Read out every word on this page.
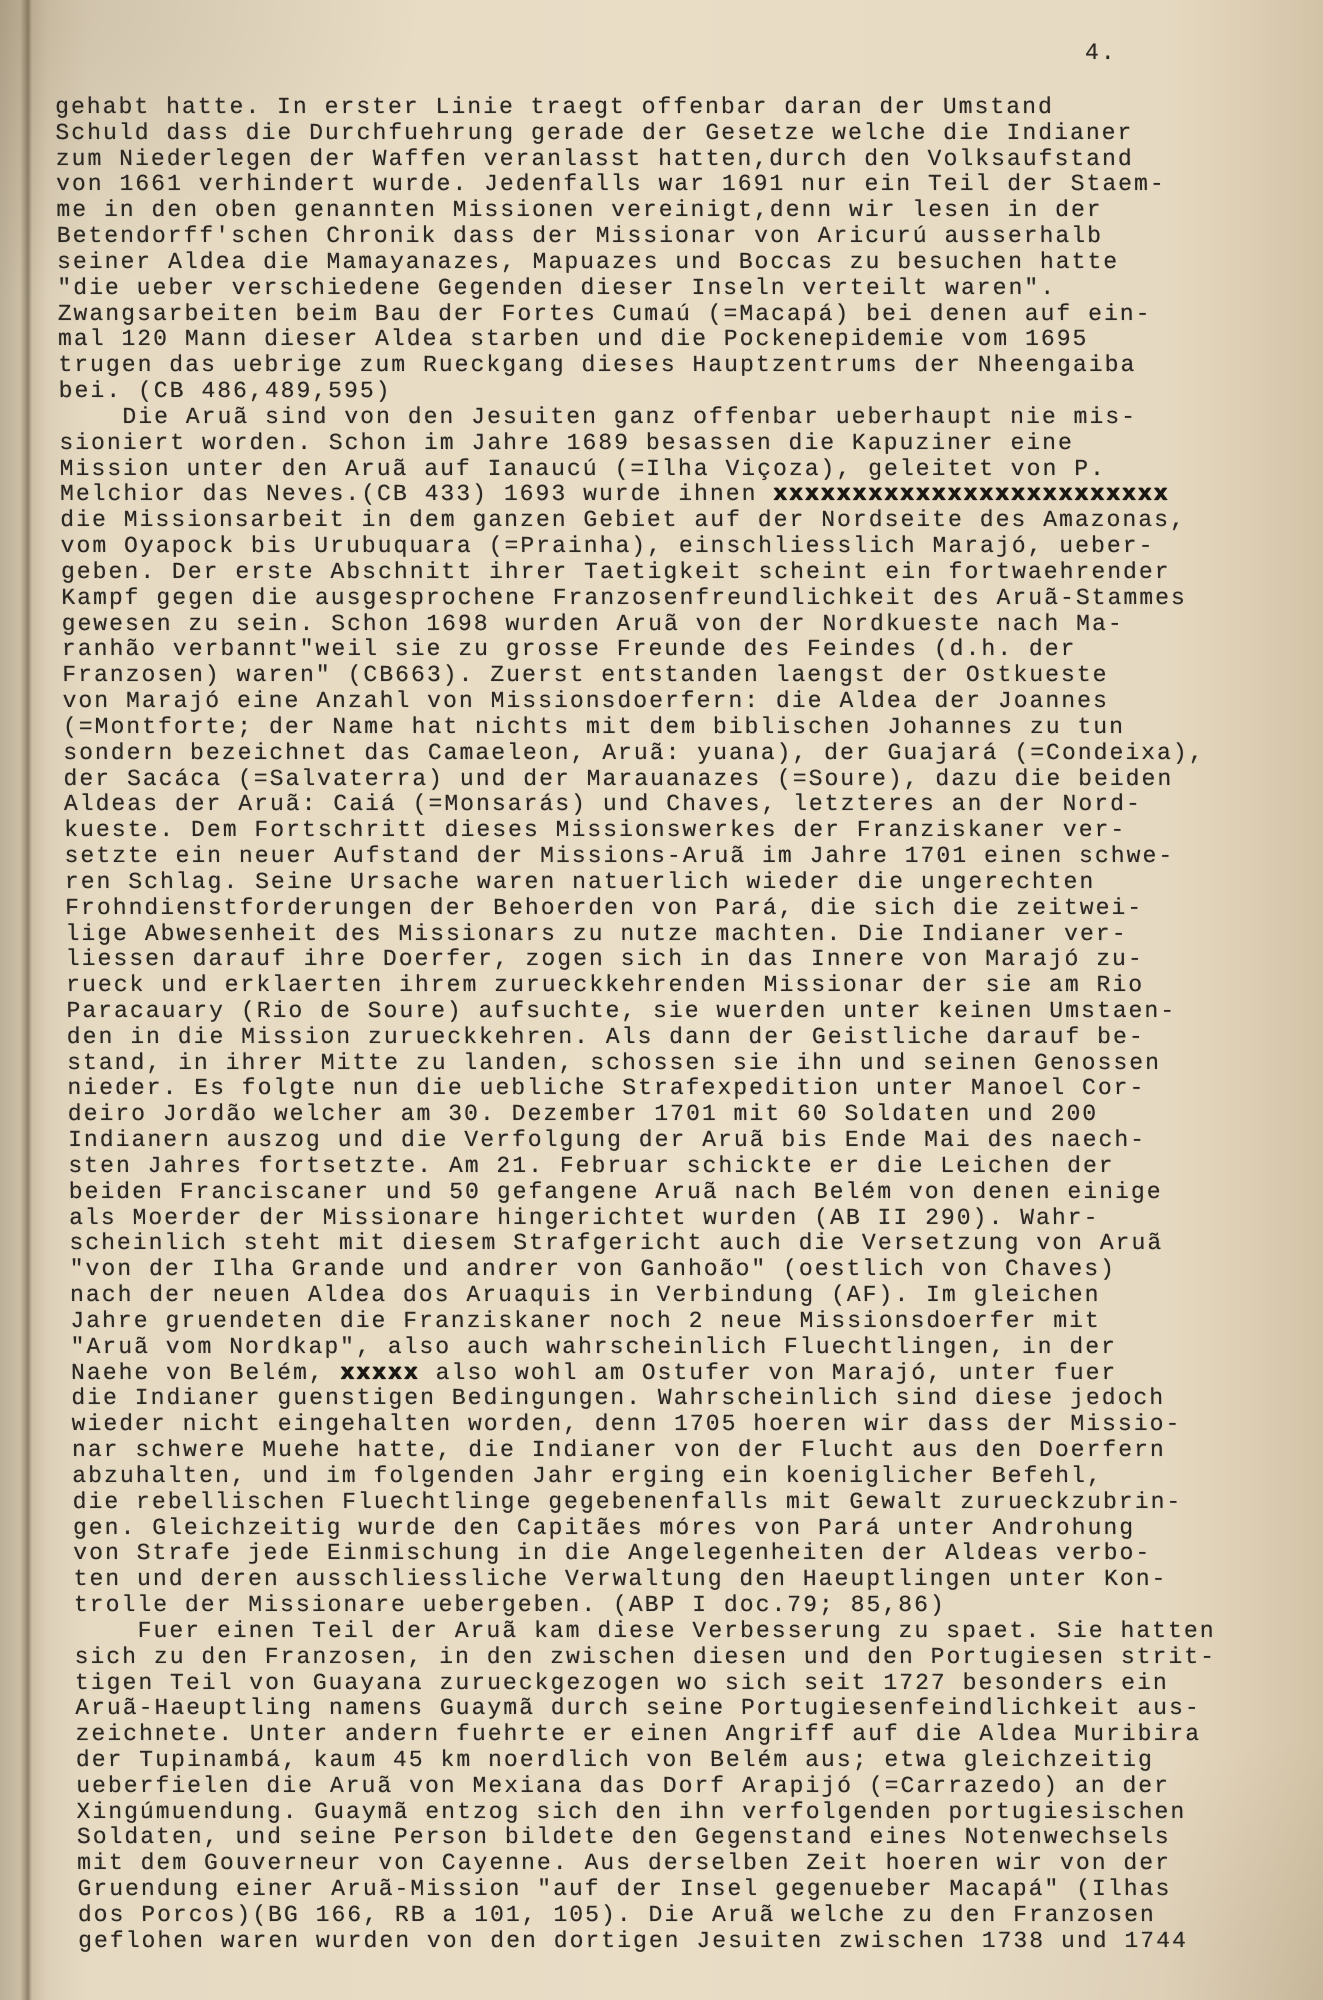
4.
gehabt hatte. In erster Linie traegt offenbar daran der Umstand
Schuld dass die Durchfuehrung gerade der Gesetze welche die Indianer
zum Niederlegen der Waffen veranlasst hatten,durch den Volksaufstand
von 1661 verhindert wurde. Jedenfalls war 1691 nur ein Teil der Staem-
me in den oben genannten Missionen vereinigt,denn wir lesen in der
Betendorff'schen Chronik dass der Missionar von Aricurú ausserhalb
seiner Aldea die Mamayanazes, Mapuazes und Boccas zu besuchen hatte
"die ueber verschiedene Gegenden dieser Inseln verteilt waren".
Zwangsarbeiten beim Bau der Fortes Cumaú (=Macapá) bei denen auf ein-
mal 120 Mann dieser Aldea starben und die Pockenepidemie vom 1695
trugen das uebrige zum Rueckgang dieses Hauptzentrums der Nheengaiba
bei. (CB 486,489,595)
Die Aruã sind von den Jesuiten ganz offenbar ueberhaupt nie mis-
sioniert worden. Schon im Jahre 1689 besassen die Kapuziner eine
Mission unter den Aruã auf Ianaucú (=Ilha Viçoza), geleitet von P.
Melchior das Neves.(CB 433) 1693 wurde ihnen xxxxxxxxxxxxxxxxxxxxxxxxx
die Missionsarbeit in dem ganzen Gebiet auf der Nordseite des Amazonas,
vom Oyapock bis Urubuquara (=Prainha), einschliesslich Marajó, ueber-
geben. Der erste Abschnitt ihrer Taetigkeit scheint ein fortwaehrender
Kampf gegen die ausgesprochene Franzosenfreundlichkeit des Aruã-Stammes
gewesen zu sein. Schon 1698 wurden Aruã von der Nordkueste nach Ma-
ranhão verbannt"weil sie zu grosse Freunde des Feindes (d.h. der
Franzosen) waren" (CB663). Zuerst entstanden laengst der Ostkueste
von Marajó eine Anzahl von Missionsdoerfern: die Aldea der Joannes
(=Montforte; der Name hat nichts mit dem biblischen Johannes zu tun
sondern bezeichnet das Camaeleon, Aruã: yuana), der Guajará (=Condeixa),
der Sacáca (=Salvaterra) und der Marauanazes (=Soure), dazu die beiden
Aldeas der Aruã: Caiá (=Monsarás) und Chaves, letzteres an der Nord-
kueste. Dem Fortschritt dieses Missionswerkes der Franziskaner ver-
setzte ein neuer Aufstand der Missions-Aruã im Jahre 1701 einen schwe-
ren Schlag. Seine Ursache waren natuerlich wieder die ungerechten
Frohndienstforderungen der Behoerden von Pará, die sich die zeitwei-
lige Abwesenheit des Missionars zu nutze machten. Die Indianer ver-
liessen darauf ihre Doerfer, zogen sich in das Innere von Marajó zu-
rueck und erklaerten ihrem zurueckkehrenden Missionar der sie am Rio
Paracauary (Rio de Soure) aufsuchte, sie wuerden unter keinen Umstaen-
den in die Mission zurueckkehren. Als dann der Geistliche darauf be-
stand, in ihrer Mitte zu landen, schossen sie ihn und seinen Genossen
nieder. Es folgte nun die uebliche Strafexpedition unter Manoel Cor-
deiro Jordão welcher am 30. Dezember 1701 mit 60 Soldaten und 200
Indianern auszog und die Verfolgung der Aruã bis Ende Mai des naech-
sten Jahres fortsetzte. Am 21. Februar schickte er die Leichen der
beiden Franciscaner und 50 gefangene Aruã nach Belém von denen einige
als Moerder der Missionare hingerichtet wurden (AB II 290). Wahr-
scheinlich steht mit diesem Strafgericht auch die Versetzung von Aruã
"von der Ilha Grande und andrer von Ganhoão" (oestlich von Chaves)
nach der neuen Aldea dos Aruaquis in Verbindung (AF). Im gleichen
Jahre gruendeten die Franziskaner noch 2 neue Missionsdoerfer mit
"Aruã vom Nordkap", also auch wahrscheinlich Fluechtlingen, in der
Naehe von Belém, xxxxx also wohl am Ostufer von Marajó, unter fuer
die Indianer guenstigen Bedingungen. Wahrscheinlich sind diese jedoch
wieder nicht eingehalten worden, denn 1705 hoeren wir dass der Missio-
nar schwere Muehe hatte, die Indianer von der Flucht aus den Doerfern
abzuhalten, und im folgenden Jahr erging ein koeniglicher Befehl,
die rebellischen Fluechtlinge gegebenenfalls mit Gewalt zurueckzubrin-
gen. Gleichzeitig wurde den Capitães móres von Pará unter Androhung
von Strafe jede Einmischung in die Angelegenheiten der Aldeas verbo-
ten und deren ausschliessliche Verwaltung den Haeuptlingen unter Kon-
trolle der Missionare uebergeben. (ABP I doc.79; 85,86)
Fuer einen Teil der Aruã kam diese Verbesserung zu spaet. Sie hatten
sich zu den Franzosen, in den zwischen diesen und den Portugiesen strit-
tigen Teil von Guayana zurueckgezogen wo sich seit 1727 besonders ein
Aruã-Haeuptling namens Guaymã durch seine Portugiesenfeindlichkeit aus-
zeichnete. Unter andern fuehrte er einen Angriff auf die Aldea Muribira
der Tupinambá, kaum 45 km noerdlich von Belém aus; etwa gleichzeitig
ueberfielen die Aruã von Mexiana das Dorf Arapijó (=Carrazedo) an der
Xingúmuendung. Guaymã entzog sich den ihn verfolgenden portugiesischen
Soldaten, und seine Person bildete den Gegenstand eines Notenwechsels
mit dem Gouverneur von Cayenne. Aus derselben Zeit hoeren wir von der
Gruendung einer Aruã-Mission "auf der Insel gegenueber Macapá" (Ilhas
dos Porcos)(BG 166, RB a 101, 105). Die Aruã welche zu den Franzosen
geflohen waren wurden von den dortigen Jesuiten zwischen 1738 und 1744
